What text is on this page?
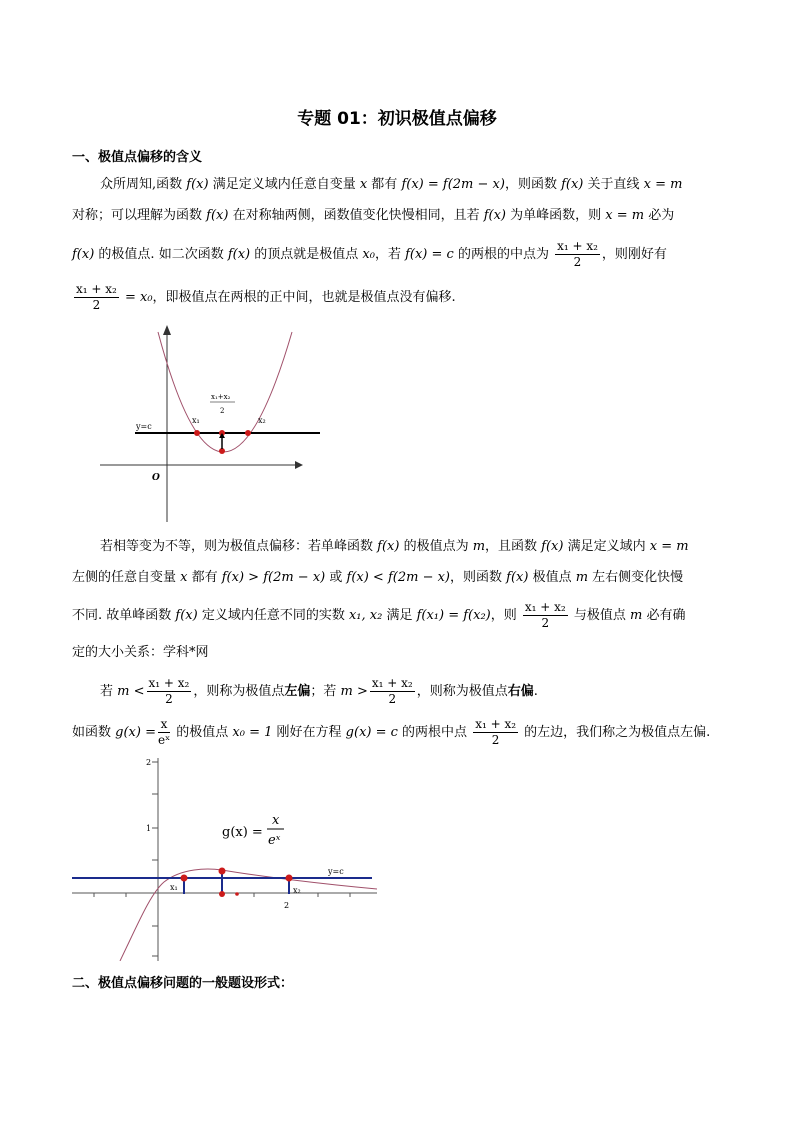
专题 01：初识极值点偏移
一、极值点偏移的含义
众所周知,函数 f(x) 满足定义域内任意自变量 x 都有 f(x) = f(2m − x)，则函数 f(x) 关于直线 x = m
对称；可以理解为函数 f(x) 在对称轴两侧，函数值变化快慢相同，且若 f(x) 为单峰函数，则 x = m 必为
f(x) 的极值点. 如二次函数 f(x) 的顶点就是极值点 x₀，若 f(x) = c 的两根的中点为 $\frac{\text{x₁ + x₂}}{2}$ ，则刚好有
$\frac{\text{x₁ + x₂}}{2} = x_0$，即极值点在两根的正中间，也就是极值点没有偏移.
y=c
x₁	x₂
x₁+x₂
2
O
若相等变为不等，则为极值点偏移：若单峰函数 f(x) 的极值点为 m，且函数 f(x) 满足定义域内 x = m
左侧的任意自变量 x 都有 f(x) > f(2m − x) 或 f(x) < f(2m − x)，则函数 f(x) 极值点 m 左右侧变化快慢
不同. 故单峰函数 f(x) 定义域内任意不同的实数 x₁, x₂ 满足 f(x₁) = f(x₂)，则 $\frac{\text{x₁ + x₂}}{2}$ 与极值点 m 必有确
定的大小关系：学科*网
若 $m < \frac{\text{x₁ + x₂}}{2}$ ，则称为极值点左偏；若 $m > \frac{\text{x₁ + x₂}}{2}$ ，则称为极值点右偏.
如函数 $g(x) = \frac{x}{\text{eˣ}}$ 的极值点 x₀ = 1 刚好在方程 g(x) = c 的两根中点 $\frac{\text{x₁ + x₂}}{2}$ 的左边，我们称之为极值点左偏.
2
1
y=c
x₁	x₂
2
g(x) =
x
eˣ
二、极值点偏移问题的一般题设形式：
